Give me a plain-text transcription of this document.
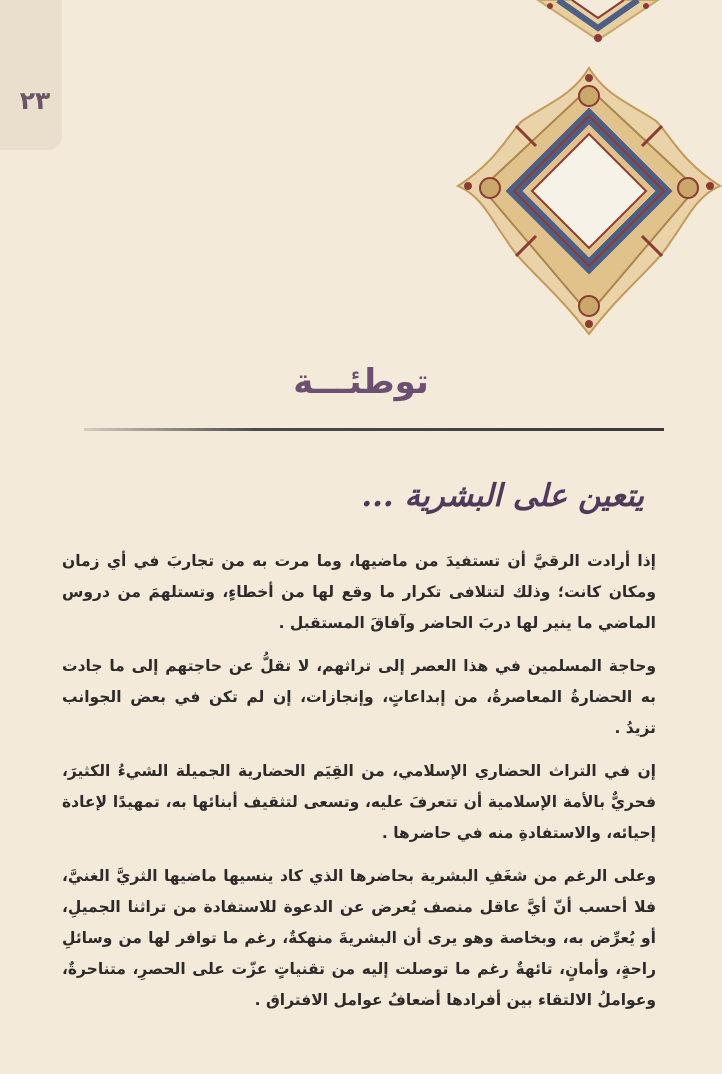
٢٣
توطئـــة
يتعين على البشرية ...

إذا أرادت الرقيَّ أن تستفيدَ من ماضيها، وما مرت به من تجاربَ في أي زمان ومكان كانت؛ وذلك لتتلافى تكرار ما وقع لها من أخطاءٍ، وتستلهمَ من دروس الماضي ما ينير لها دربَ الحاضر وآفاقَ المستقبل .

وحاجة المسلمين في هذا العصر إلى تراثهم، لا تقلُّ عن حاجتهم إلى ما جادت به الحضارةُ المعاصرةُ، من إبداعاتٍ، وإنجازات، إن لم تكن في بعض الجوانب تزيدُ .

إن في التراث الحضاري الإسلامي، من القِيَم الحضارية الجميلة الشيءُ الكثيرَ، فحريٌّ بالأمة الإسلامية أن تتعرفَ عليه، وتسعى لتثقيف أبنائها به، تمهيدًا لإعادة إحيائه، والاستفادةِ منه في حاضرها .

وعلى الرغم من شغَفِ البشرية بحاضرها الذي كاد ينسيها ماضيها الثريَّ الغنيَّ، فلا أحسب أنّ أيَّ عاقل منصف يُعرض عن الدعوة للاستفادة من تراثنا الجميلِ، أو يُعرِّض به، وبخاصة وهو يرى أن البشريةَ منهكةٌ، رغم ما توافر لها من وسائلِ راحةٍ، وأمانٍ، تائهةٌ رغم ما توصلت إليه من تقنياتٍ عزّت على الحصرِ، متناحرةٌ، وعواملُ الالتقاء بين أفرادها أضعافُ عوامل الافتراق .
